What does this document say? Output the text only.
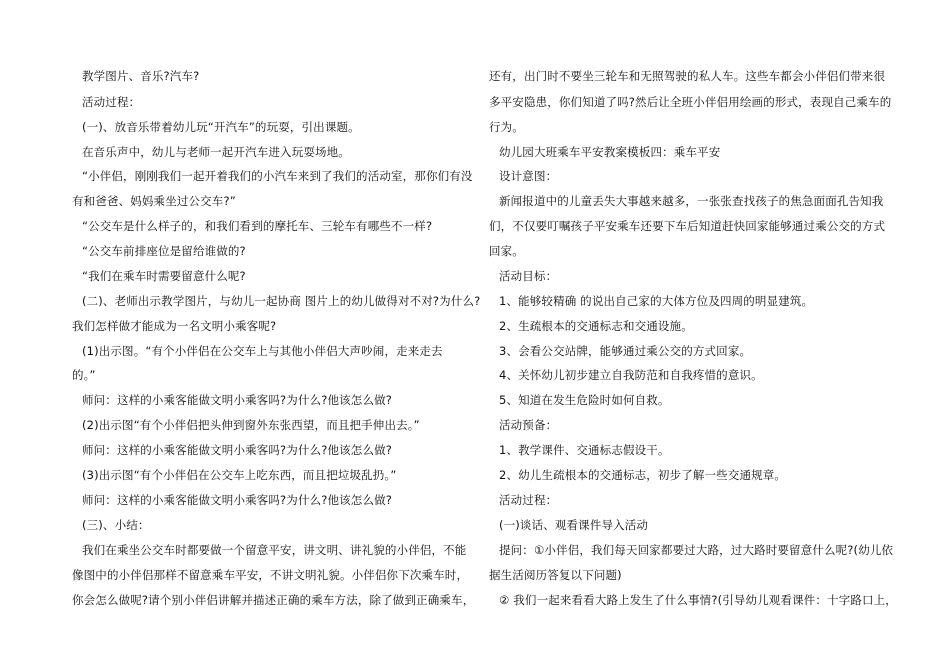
教学图片、音乐?汽车?
活动过程：
(一)、放音乐带着幼儿玩“开汽车”的玩耍，引出课题。
在音乐声中，幼儿与老师一起开汽车进入玩耍场地。
“小伴侣，刚刚我们一起开着我们的小汽车来到了我们的活动室，那你们有没
有和爸爸、妈妈乘坐过公交车?”
“公交车是什么样子的，和我们看到的摩托车、三轮车有哪些不一样?
“公交车前排座位是留给谁做的?
“我们在乘车时需要留意什么呢?
(二)、老师出示教学图片，与幼儿一起协商 图片上的幼儿做得对不对?为什么?
我们怎样做才能成为一名文明小乘客呢?
(1)出示图。“有个小伴侣在公交车上与其他小伴侣大声吵闹，走来走去
的。”
师问：这样的小乘客能做文明小乘客吗?为什么?他该怎么做?
(2)出示图“有个小伴侣把头伸到窗外东张西望，而且把手伸出去。”
师问：这样的小乘客能做文明小乘客吗?为什么?他该怎么做?
(3)出示图“有个小伴侣在公交车上吃东西，而且把垃圾乱扔。”
师问：这样的小乘客能做文明小乘客吗?为什么?他该怎么做?
(三)、小结：
我们在乘坐公交车时都要做一个留意平安，讲文明、讲礼貌的小伴侣，不能
像图中的小伴侣那样不留意乘车平安，不讲文明礼貌。小伴侣你下次乘车时，
你会怎么做呢?请个别小伴侣讲解并描述正确的乘车方法，除了做到正确乘车，
还有，出门时不要坐三轮车和无照驾驶的私人车。这些车都会小伴侣们带来很
多平安隐患，你们知道了吗?然后让全班小伴侣用绘画的形式，表现自己乘车的
行为。
幼儿园大班乘车平安教案模板四：乘车平安
设计意图：
新闻报道中的儿童丢失大事越来越多，一张张查找孩子的焦急面面孔告知我
们，不仅要叮嘱孩子平安乘车还要下车后知道赶快回家能够通过乘公交的方式
回家。
活动目标：
1、能够较精确 的说出自己家的大体方位及四周的明显建筑。
2、生疏根本的交通标志和交通设施。
3、会看公交站牌，能够通过乘公交的方式回家。
4、关怀幼儿初步建立自我防范和自我疼惜的意识。
5、知道在发生危险时如何自救。
活动预备：
1、教学课件、交通标志假设干。
2、幼儿生疏根本的交通标志，初步了解一些交通规章。
活动过程：
(一)谈话、观看课件导入活动
提问：①小伴侣，我们每天回家都要过大路，过大路时要留意什么呢?(幼儿依
据生活阅历答复以下问题)
② 我们一起来看看大路上发生了什么事情?(引导幼儿观看课件：十字路口上，
